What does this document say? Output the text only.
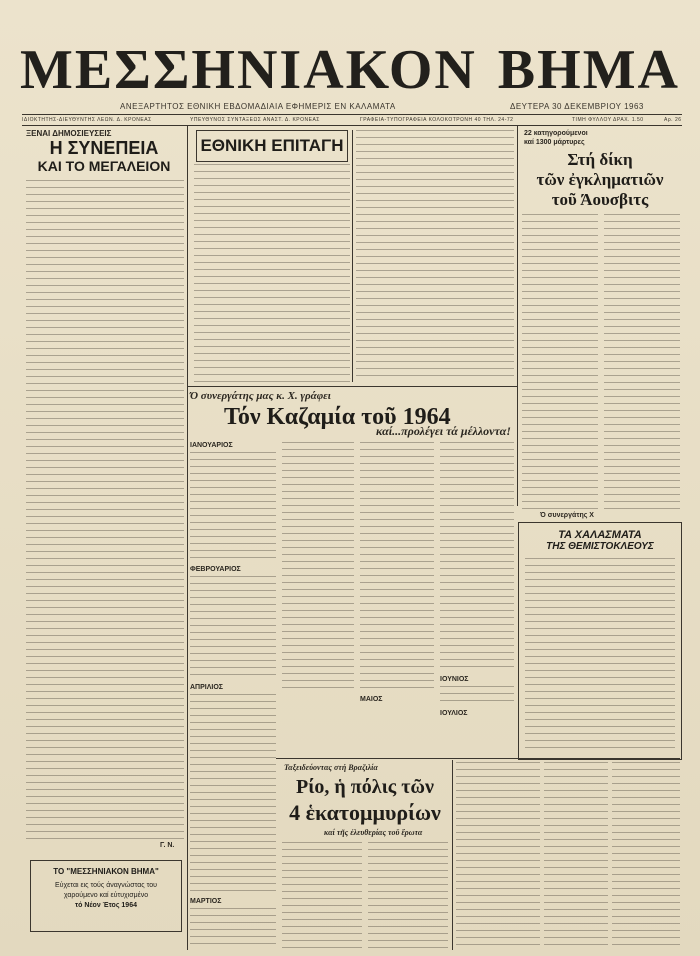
ΜΕΣΣΗΝΙΑΚΟΝ ΒΗΜΑ
ΑΝΕΞΑΡΤΗΤΟΣ ΕΘΝΙΚΗ ΕΒΔΟΜΑΔΙΑΙΑ ΕΦΗΜΕΡΙΣ ΕΝ ΚΑΛΑΜΑΤΑ	ΔΕΥΤΕΡΑ 30 ΔΕΚΕΜΒΡΙΟΥ 1963
ΙΔΙΟΚΤΗΤΗΣ-ΔΙΕΥΘΥΝΤΗΣ ΛΕΩΝ. Δ. ΚΡΟΝΕΑΣ	ΥΠΕΥΘΥΝΟΣ ΣΥΝΤΑΞΕΩΣ ΑΝΑΣΤ. Δ. ΚΡΟΝΕΑΣ	ΓΡΑΦΕΙΑ-ΤΥΠΟΓΡΑΦΕΙΑ ΚΟΛΟΚΟΤΡΩΝΗ 40 ΤΗΛ. 24-72	ΤΙΜΗ ΦΥΛΛΟΥ ΔΡΑΧ. 1.50	Αρ. 26
ΞΕΝΑΙ ΔΗΜΟΣΙΕΥΣΕΙΣ
Η ΣΥΝΕΠΕΙΑ
ΚΑΙ ΤΟ ΜΕΓΑΛΕΙΟΝ
Γ. Ν.
ΤΟ "ΜΕΣΣΗΝΙΑΚΟΝ ΒΗΜΑ"
Εύχεται εις τούς άναγνώστας του
χαρούμενο καί εύτυχισμένο
τό Νέον Έτος 1964
ΕΘΝΙΚΗ ΕΠΙΤΑΓΗ
Ό συνεργάτης μας κ. Χ. γράφει
Τόν Καζαμία τοῦ 1964
καί...προλέγει τά μέλλοντα!
ΙΑΝΟΥΑΡΙΟΣ
ΦΕΒΡΟΥΑΡΙΟΣ
ΑΠΡΙΛΙΟΣ
ΜΑΡΤΙΟΣ
ΜΑΙΟΣ
ΙΟΥΝΙΟΣ
ΙΟΥΛΙΟΣ
22 κατηγορούμενοι
καί 1300 μάρτυρες
Στή δίκη
τῶν ἐγκληματιῶν
τοῦ Άουσβιτς
Ό συνεργάτης Χ
ΤΑ ΧΑΛΑΣΜΑΤΑ
ΤΗΣ ΘΕΜΙΣΤΟΚΛΕΟΥΣ
Ταξειδεύοντας στή Βραζιλία
Ρίο, ἡ πόλις τῶν
4 ἑκατομμυρίων
καί τῆς ἐλευθερίας τοῦ ἔρωτα
